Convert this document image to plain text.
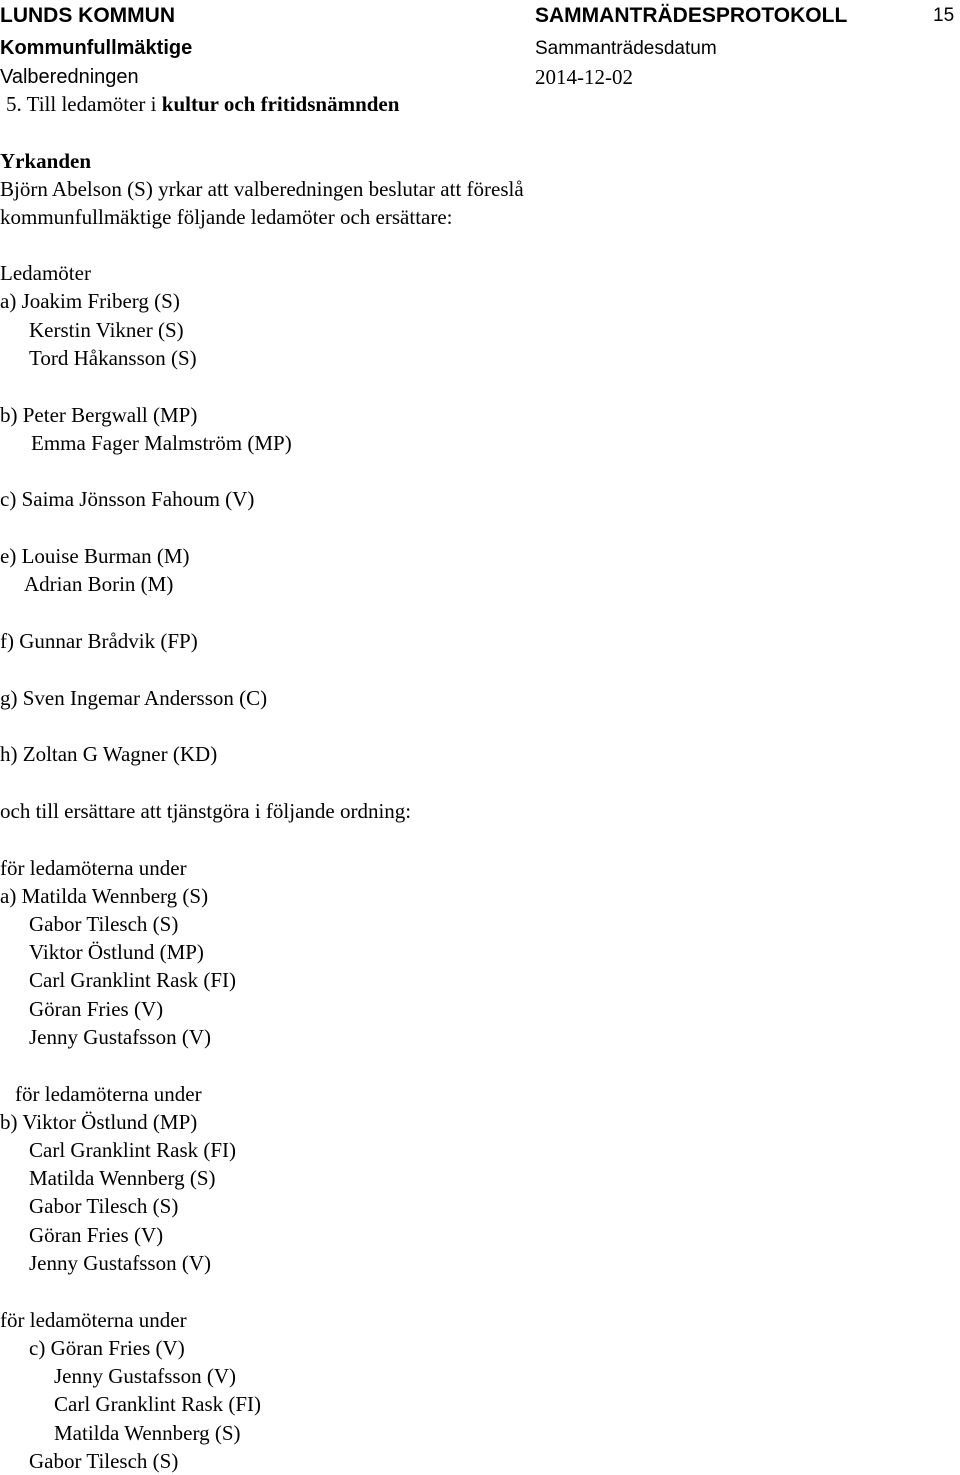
LUNDS KOMMUN	SAMMANTRÄDESPROTOKOLL	15
Kommunfullmäktige	Sammanträdesdatum
Valberedningen	2014-12-02
5. Till ledamöter i kultur och fritidsnämnden
Yrkanden
Björn Abelson (S) yrkar att valberedningen beslutar att föreslå
kommunfullmäktige följande ledamöter och ersättare:
Ledamöter
a) Joakim Friberg (S)
Kerstin Vikner (S)
Tord Håkansson (S)
b) Peter Bergwall (MP)
Emma Fager Malmström (MP)
c) Saima Jönsson Fahoum (V)
e) Louise Burman (M)
Adrian Borin (M)
f) Gunnar Brådvik (FP)
g) Sven Ingemar Andersson (C)
h) Zoltan G Wagner (KD)
och till ersättare att tjänstgöra i följande ordning:
för ledamöterna under
a) Matilda Wennberg (S)
Gabor Tilesch (S)
Viktor Östlund (MP)
Carl Granklint Rask (FI)
Göran Fries (V)
Jenny Gustafsson (V)
för ledamöterna under
b) Viktor Östlund (MP)
Carl Granklint Rask (FI)
Matilda Wennberg (S)
Gabor Tilesch (S)
Göran Fries (V)
Jenny Gustafsson (V)
för ledamöterna under
c) Göran Fries (V)
Jenny Gustafsson (V)
Carl Granklint Rask (FI)
Matilda Wennberg (S)
Gabor Tilesch (S)
